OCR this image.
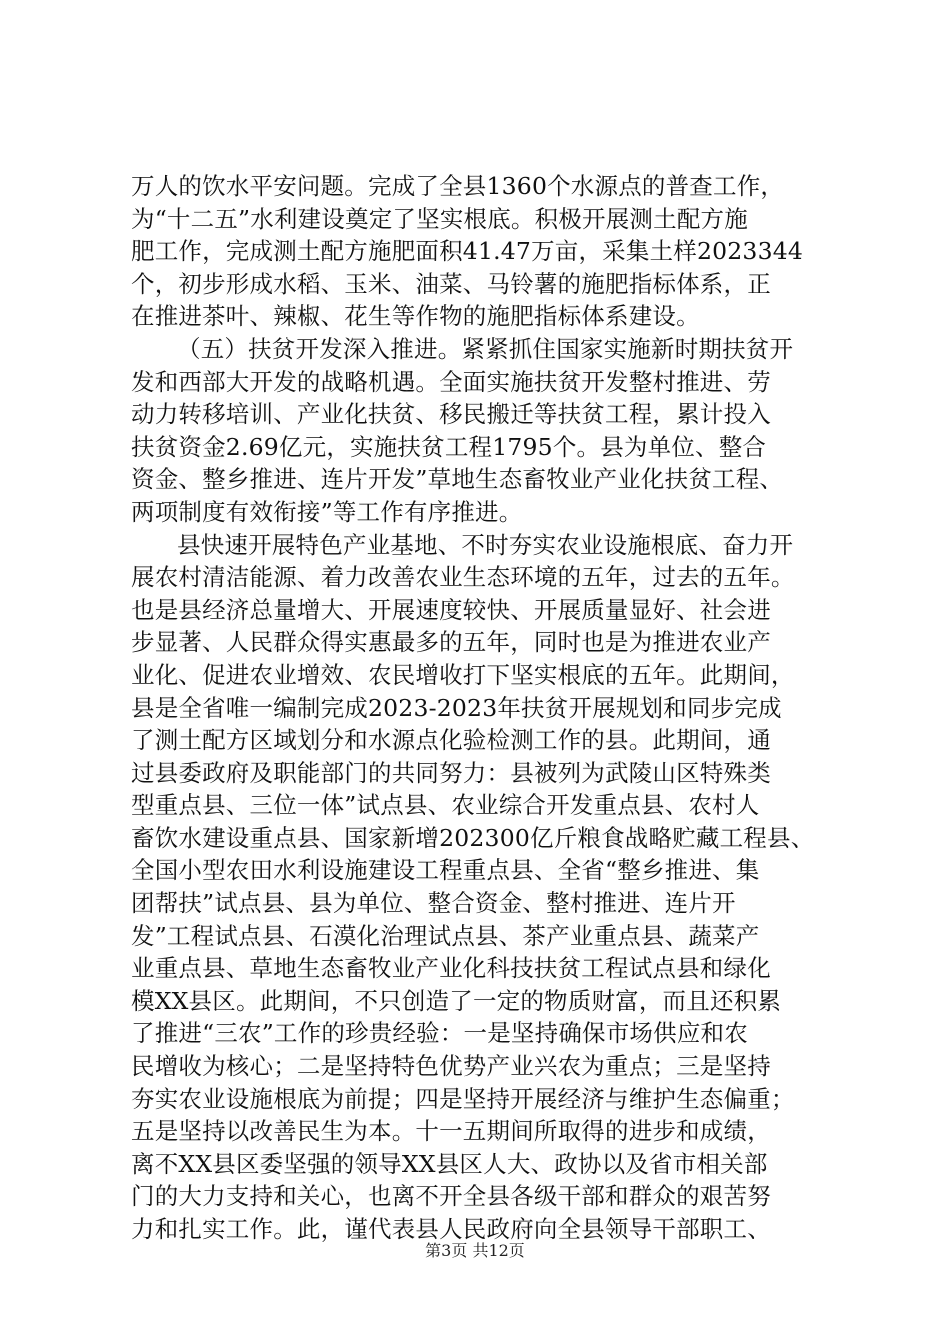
万人的饮水平安问题。完成了全县1360个水源点的普查工作，
为“十二五”水利建设奠定了坚实根底。积极开展测土配方施
肥工作，完成测土配方施肥面积41.47万亩，采集土样2023344
个，初步形成水稻、玉米、油菜、马铃薯的施肥指标体系，正
在推进茶叶、辣椒、花生等作物的施肥指标体系建设。
（五）扶贫开发深入推进。紧紧抓住国家实施新时期扶贫开
发和西部大开发的战略机遇。全面实施扶贫开发整村推进、劳
动力转移培训、产业化扶贫、移民搬迁等扶贫工程，累计投入
扶贫资金2.69亿元，实施扶贫工程1795个。县为单位、整合
资金、整乡推进、连片开发”草地生态畜牧业产业化扶贫工程、
两项制度有效衔接”等工作有序推进。
县快速开展特色产业基地、不时夯实农业设施根底、奋力开
展农村清洁能源、着力改善农业生态环境的五年，过去的五年。
也是县经济总量增大、开展速度较快、开展质量显好、社会进
步显著、人民群众得实惠最多的五年，同时也是为推进农业产
业化、促进农业增效、农民增收打下坚实根底的五年。此期间，
县是全省唯一编制完成2023-2023年扶贫开展规划和同步完成
了测土配方区域划分和水源点化验检测工作的县。此期间，通
过县委政府及职能部门的共同努力：县被列为武陵山区特殊类
型重点县、三位一体”试点县、农业综合开发重点县、农村人
畜饮水建设重点县、国家新增202300亿斤粮食战略贮藏工程县、
全国小型农田水利设施建设工程重点县、全省“整乡推进、集
团帮扶”试点县、县为单位、整合资金、整村推进、连片开
发”工程试点县、石漠化治理试点县、茶产业重点县、蔬菜产
业重点县、草地生态畜牧业产业化科技扶贫工程试点县和绿化
模XX县区。此期间，不只创造了一定的物质财富，而且还积累
了推进“三农”工作的珍贵经验：一是坚持确保市场供应和农
民增收为核心；二是坚持特色优势产业兴农为重点；三是坚持
夯实农业设施根底为前提；四是坚持开展经济与维护生态偏重；
五是坚持以改善民生为本。十一五期间所取得的进步和成绩，
离不XX县区委坚强的领导XX县区人大、政协以及省市相关部
门的大力支持和关心，也离不开全县各级干部和群众的艰苦努
力和扎实工作。此，谨代表县人民政府向全县领导干部职工、
第3页 共12页
